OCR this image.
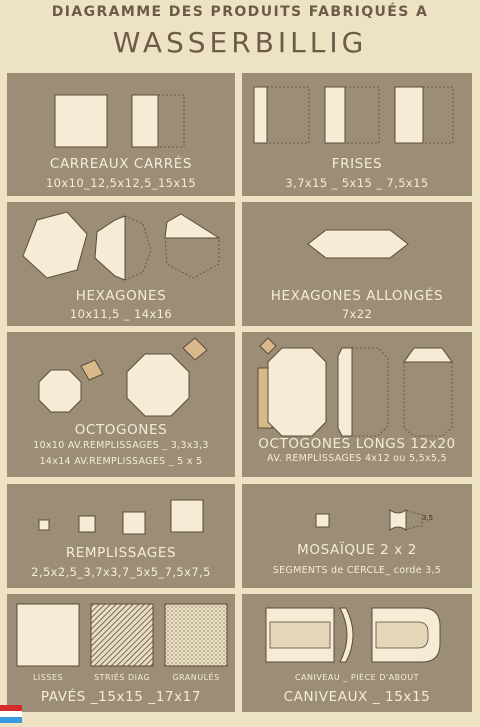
DIAGRAMME DES PRODUITS FABRIQUÉS A
WASSERBILLIG
CARREAUX CARRÉS
10x10_12,5x12,5_15x15
FRISES
3,7x15 _ 5x15 _ 7,5x15
HEXAGONES
10x11,5 _ 14x16
HEXAGONES ALLONGÉS
7x22
OCTOGONES
10x10 AV.REMPLISSAGES _ 3,3x3,3
14x14 AV.REMPLISSAGES _ 5 x 5
OCTOGONES LONGS 12x20
AV. REMPLISSAGES 4x12 ou 5,5x5,5
REMPLISSAGES
2,5x2,5_3,7x3,7_5x5_7,5x7,5
3,5
MOSAÏQUE 2 x 2
SEGMENTS de CERCLE_ corde 3,5
LISSES	STRIÉS DIAG	GRANULÉS
PAVÉS _15x15 _17x17
CANIVEAU _ PIÈCE D'ABOUT
CANIVEAUX _ 15x15
